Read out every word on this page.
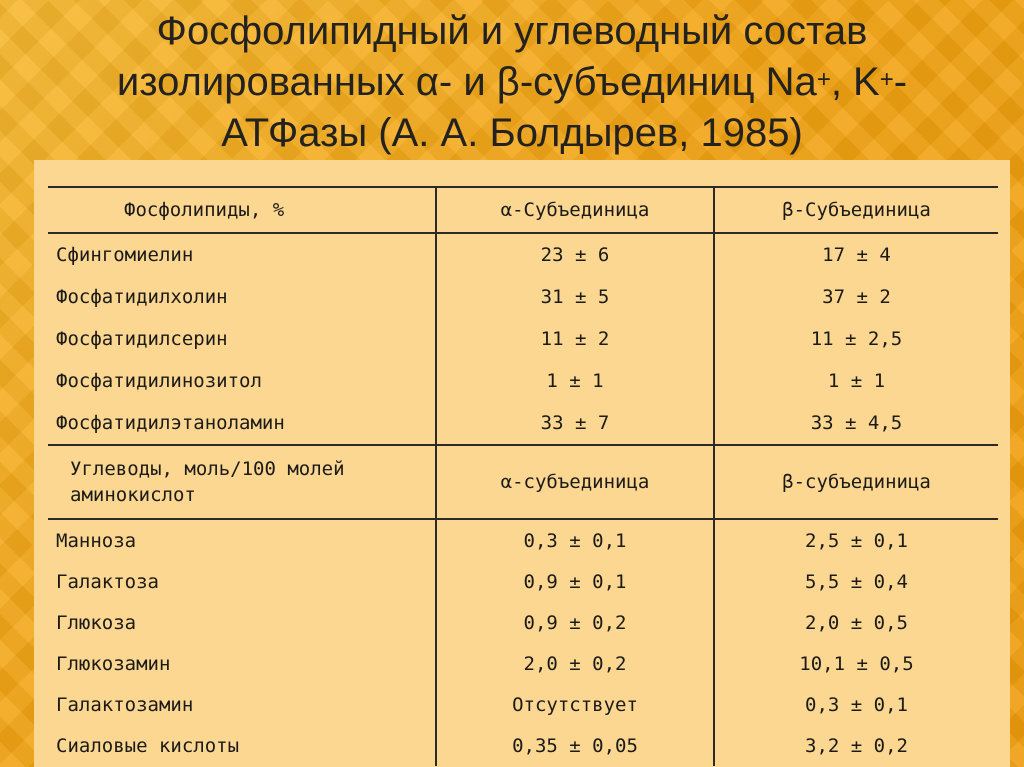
Фосфолипидный и углеводный состав
изолированных α- и β-субъединиц Na+, K+-
АТФазы (А. А. Болдырев, 1985)
Фосфолипиды, %	α-Субъединица	β-Субъединица
Сфингомиелин	23 ± 6	17 ± 4
Фосфатидилхолин	31 ± 5	37 ± 2
Фосфатидилсерин	11 ± 2	11 ± 2,5
Фосфатидилинозитол	1 ± 1	1 ± 1
Фосфатидилэтаноламин	33 ± 7	33 ± 4,5
Углеводы, моль/100 молей аминокислот	α-субъединица	β-субъединица
Манноза	0,3 ± 0,1	2,5 ± 0,1
Галактоза	0,9 ± 0,1	5,5 ± 0,4
Глюкоза	0,9 ± 0,2	2,0 ± 0,5
Глюкозамин	2,0 ± 0,2	10,1 ± 0,5
Галактозамин	Отсутствует	0,3 ± 0,1
Сиаловые кислоты	0,35 ± 0,05	3,2 ± 0,2
